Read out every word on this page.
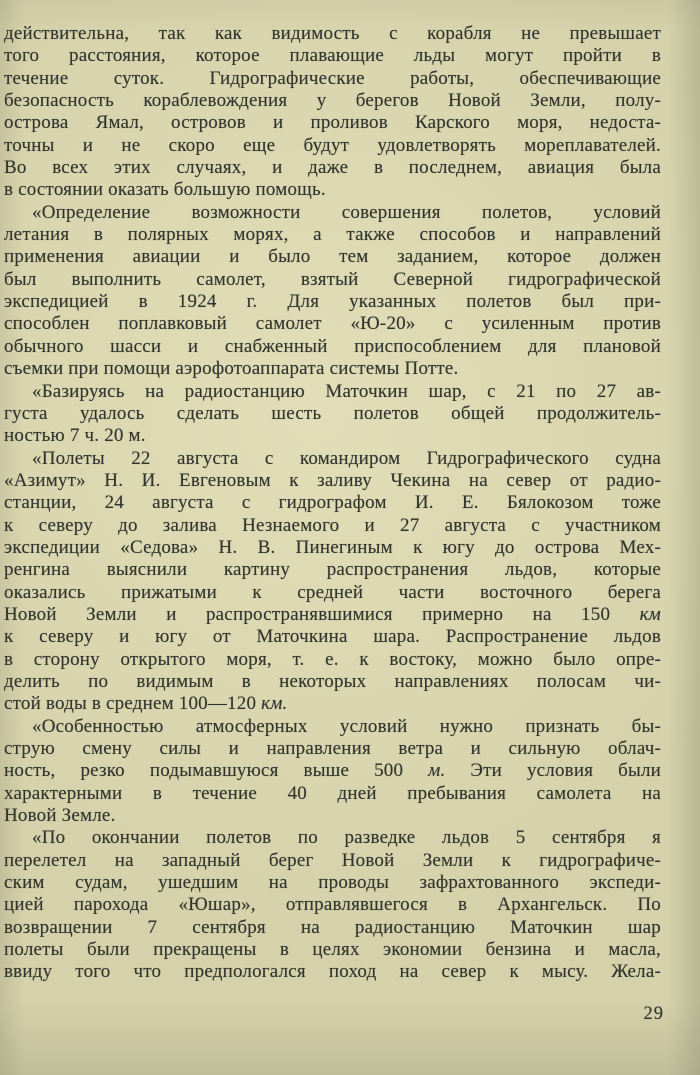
действительна, так как видимость с корабля не превышает
того расстояния, которое плавающие льды могут пройти в
течение суток. Гидрографические работы, обеспечивающие
безопасность кораблевождения у берегов Новой Земли, полу-
острова Ямал, островов и проливов Карского моря, недоста-
точны и не скоро еще будут удовлетворять мореплавателей.
Во всех этих случаях, и даже в последнем, авиация была
в состоянии оказать большую помощь.
«Определение возможности совершения полетов, условий
летания в полярных морях, а также способов и направлений
применения авиации и было тем заданием, которое должен
был выполнить самолет, взятый Северной гидрографической
экспедицией в 1924 г. Для указанных полетов был при-
способлен поплавковый самолет «Ю-20» с усиленным против
обычного шасси и снабженный приспособлением для плановой
съемки при помощи аэрофотоаппарата системы Потте.
«Базируясь на радиостанцию Маточкин шар, с 21 по 27 ав-
густа удалось сделать шесть полетов общей продолжитель-
ностью 7 ч. 20 м.
«Полеты 22 августа с командиром Гидрографического судна
«Азимут» Н. И. Евгеновым к заливу Чекина на север от радио-
станции, 24 августа с гидрографом И. Е. Бялокозом тоже
к северу до залива Незнаемого и 27 августа с участником
экспедиции «Седова» Н. В. Пинегиным к югу до острова Мех-
ренгина выяснили картину распространения льдов, которые
оказались прижатыми к средней части восточного берега
Новой Земли и распространявшимися примерно на 150 км
к северу и югу от Маточкина шара. Распространение льдов
в сторону открытого моря, т. е. к востоку, можно было опре-
делить по видимым в некоторых направлениях полосам чи-
стой воды в среднем 100—120 км.
«Особенностью атмосферных условий нужно признать бы-
струю смену силы и направления ветра и сильную облач-
ность, резко подымавшуюся выше 500 м. Эти условия были
характерными в течение 40 дней пребывания самолета на
Новой Земле.
«По окончании полетов по разведке льдов 5 сентября я
перелетел на западный берег Новой Земли к гидрографиче-
ским судам, ушедшим на проводы зафрахтованного экспеди-
цией парохода «Юшар», отправлявшегося в Архангельск. По
возвращении 7 сентября на радиостанцию Маточкин шар
полеты были прекращены в целях экономии бензина и масла,
ввиду того что предпологался поход на север к мысу. Жела-
29
